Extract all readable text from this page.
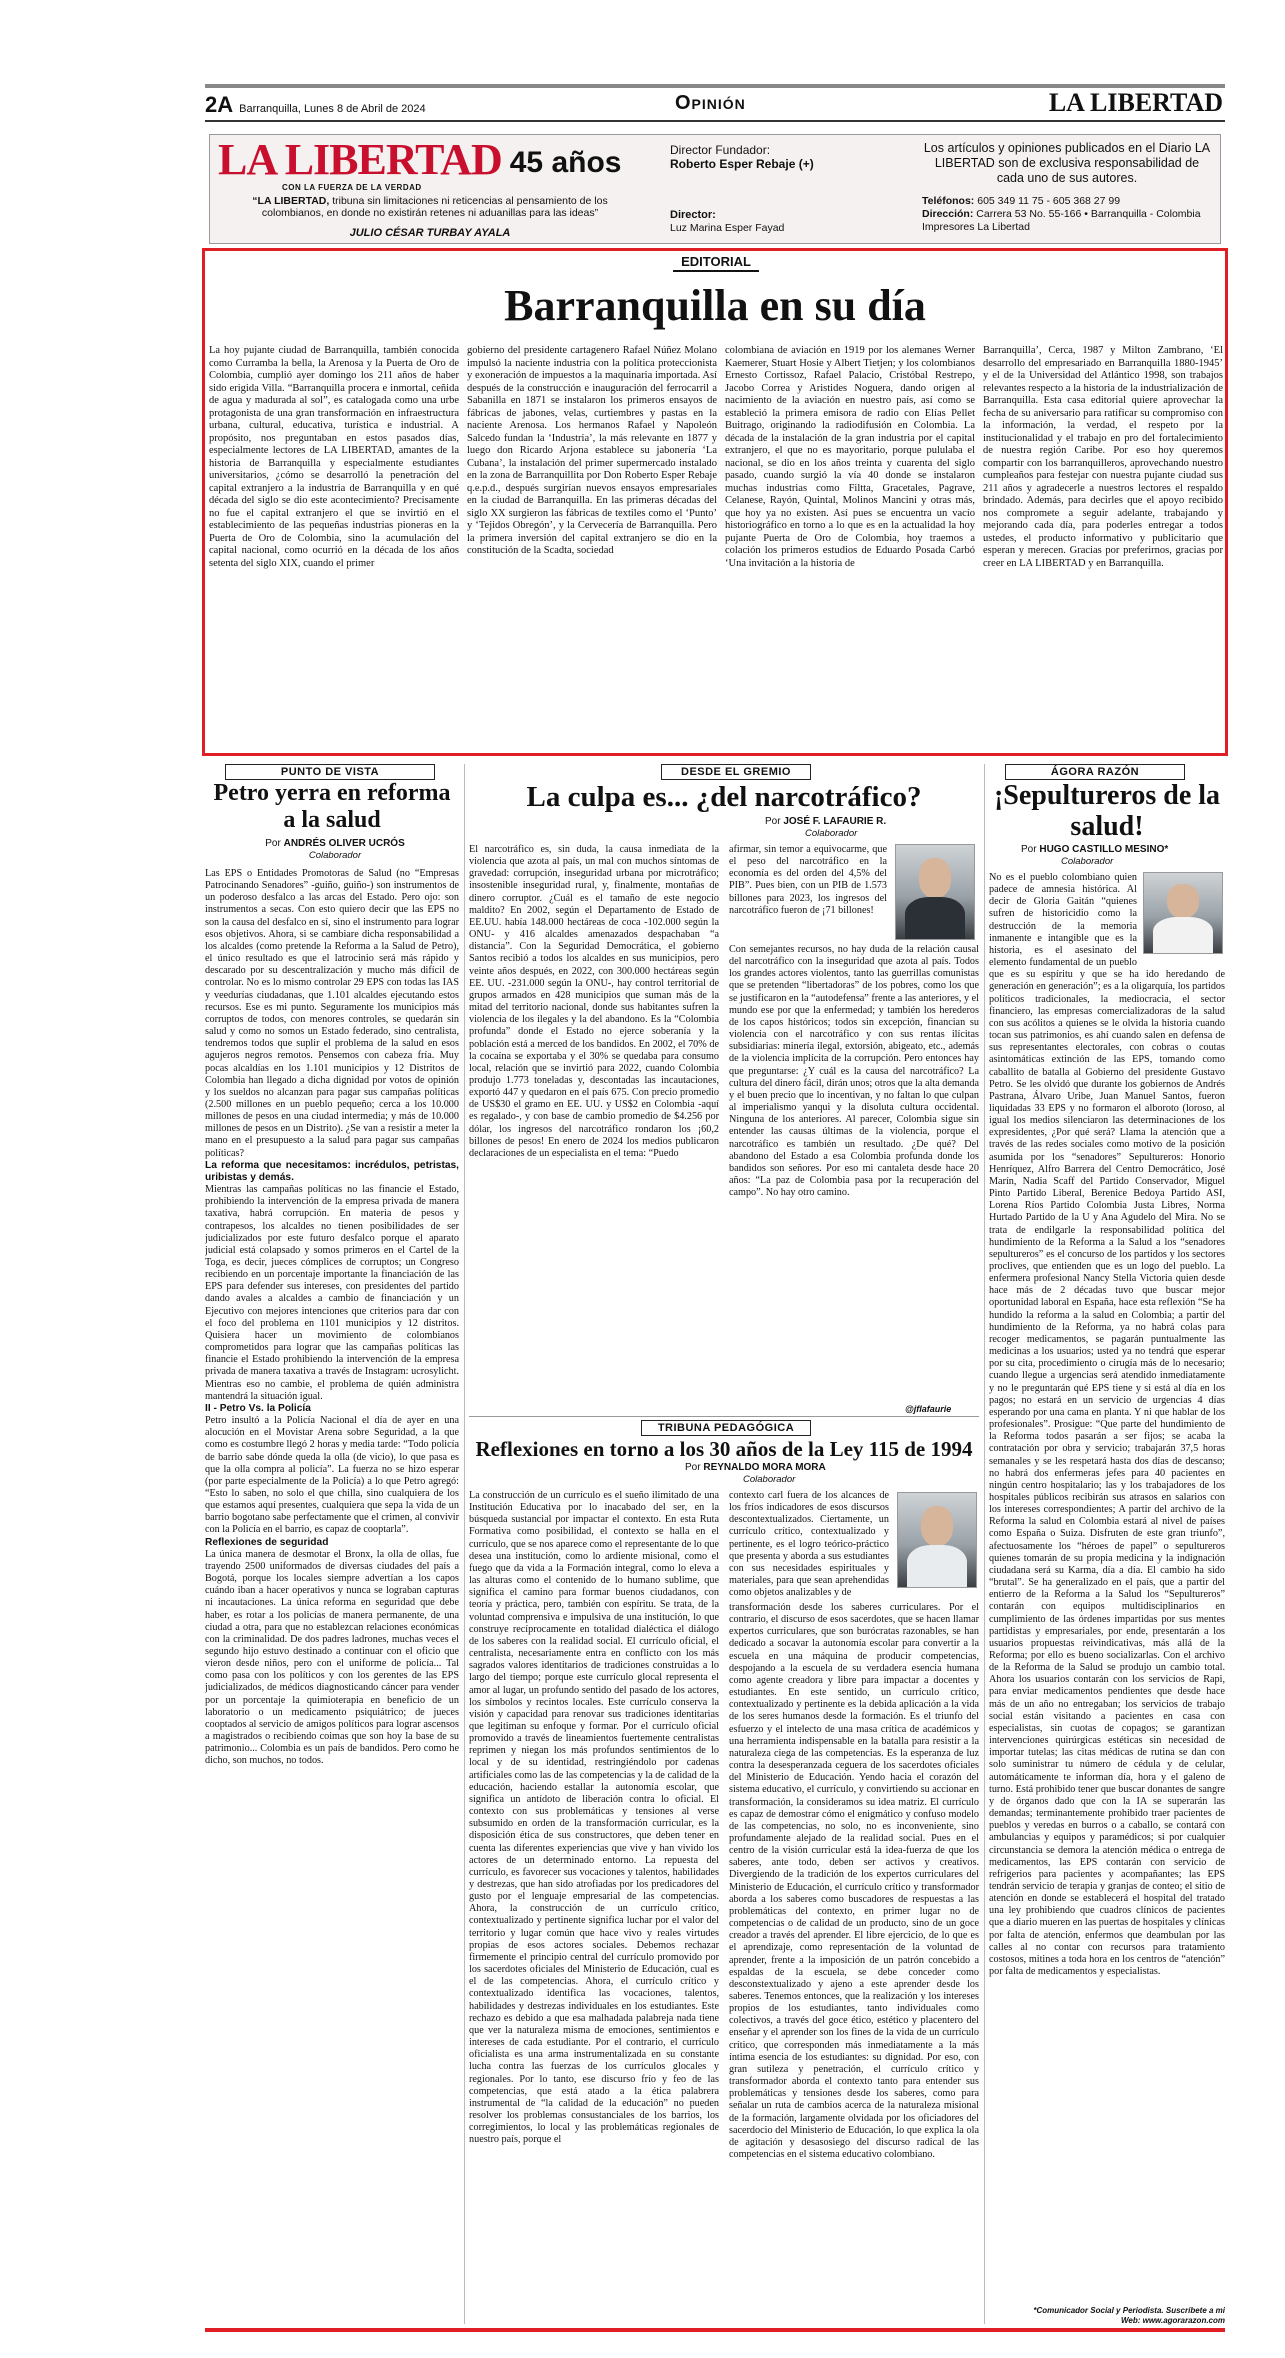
2A Barranquilla, Lunes 8 de Abril de 2024	Opinión	LA LIBERTAD
LA LIBERTAD 45 años
CON LA FUERZA DE LA VERDAD
“LA LIBERTAD, tribuna sin limitaciones ni reticencias al pensamiento de los colombianos, en donde no existirán retenes ni aduanillas para las ideas”
JULIO CÉSAR TURBAY AYALA
Director Fundador:
Roberto Esper Rebaje (+)
Director:
Luz Marina Esper Fayad
Los artículos y opiniones publicados en el Diario LA LIBERTAD son de exclusiva responsabilidad de cada uno de sus autores.
Teléfonos: 605 349 11 75 - 605 368 27 99
Dirección: Carrera 53 No. 55-166 • Barranquilla - Colombia
Impresores La Libertad
EDITORIAL
Barranquilla en su día
La hoy pujante ciudad de Barranquilla, también conocida como Curramba la bella, la Arenosa y la Puerta de Oro de Colombia, cumplió ayer domingo los 211 años de haber sido erigida Villa. “Barranquilla procera e inmortal, ceñida de agua y madurada al sol”, es catalogada como una urbe protagonista de una gran transformación en infraestructura urbana, cultural, educativa, turística e industrial. A propósito, nos preguntaban en estos pasados días, especialmente lectores de LA LIBERTAD, amantes de la historia de Barranquilla y especialmente estudiantes universitarios, ¿cómo se desarrolló la penetración del capital extranjero a la industria de Barranquilla y en qué década del siglo se dio este acontecimiento? Precisamente no fue el capital extranjero el que se invirtió en el establecimiento de las pequeñas industrias pioneras en la Puerta de Oro de Colombia, sino la acumulación del capital nacional, como ocurrió en la década de los años setenta del siglo XIX, cuando el primer
gobierno del presidente cartagenero Rafael Núñez Molano impulsó la naciente industria con la política proteccionista y exoneración de impuestos a la maquinaria importada. Así después de la construcción e inauguración del ferrocarril a Sabanilla en 1871 se instalaron los primeros ensayos de fábricas de jabones, velas, curtiembres y pastas en la naciente Arenosa. Los hermanos Rafael y Napoleón Salcedo fundan la ‘Industria’, la más relevante en 1877 y luego don Ricardo Arjona establece su jabonería ‘La Cubana’, la instalación del primer supermercado instalado en la zona de Barranquillita por Don Roberto Esper Rebaje q.e.p.d., después surgirían nuevos ensayos empresariales en la ciudad de Barranquilla. En las primeras décadas del siglo XX surgieron las fábricas de textiles como el ‘Punto’ y ‘Tejidos Obregón’, y la Cervecería de Barranquilla. Pero la primera inversión del capital extranjero se dio en la constitución de la Scadta, sociedad
colombiana de aviación en 1919 por los alemanes Werner Kaemerer, Stuart Hosie y Albert Tietjen; y los colombianos Ernesto Cortissoz, Rafael Palacio, Cristóbal Restrepo, Jacobo Correa y Aristides Noguera, dando origen al nacimiento de la aviación en nuestro país, así como se estableció la primera emisora de radio con Elías Pellet Buitrago, originando la radiodifusión en Colombia. La década de la instalación de la gran industria por el capital extranjero, el que no es mayoritario, porque pululaba el nacional, se dio en los años treinta y cuarenta del siglo pasado, cuando surgió la vía 40 donde se instalaron muchas industrias como Filtta, Gracetales, Pagrave, Celanese, Rayón, Quintal, Molinos Mancini y otras más, que hoy ya no existen. Así pues se encuentra un vacío historiográfico en torno a lo que es en la actualidad la hoy pujante Puerta de Oro de Colombia, hoy traemos a colación los primeros estudios de Eduardo Posada Carbó ‘Una invitación a la historia de
Barranquilla’, Cerca, 1987 y Milton Zambrano, ‘El desarrollo del empresariado en Barranquilla 1880-1945’ y el de la Universidad del Atlántico 1998, son trabajos relevantes respecto a la historia de la industrialización de Barranquilla. Esta casa editorial quiere aprovechar la fecha de su aniversario para ratificar su compromiso con la información, la verdad, el respeto por la institucionalidad y el trabajo en pro del fortalecimiento de nuestra región Caribe. Por eso hoy queremos compartir con los barranquilleros, aprovechando nuestro cumpleaños para festejar con nuestra pujante ciudad sus 211 años y agradecerle a nuestros lectores el respaldo brindado. Además, para decirles que el apoyo recibido nos compromete a seguir adelante, trabajando y mejorando cada día, para poderles entregar a todos ustedes, el producto informativo y publicitario que esperan y merecen. Gracias por preferirnos, gracias por creer en LA LIBERTAD y en Barranquilla.
PUNTO DE VISTA
Petro yerra en reforma a la salud
Por ANDRÉS OLIVER UCRÓS
Colaborador

Las EPS o Entidades Promotoras de Salud (no “Empresas Patrocinando Senadores” -guiño, guiño-) son instrumentos de un poderoso desfalco a las arcas del Estado. Pero ojo: son instrumentos a secas. Con esto quiero decir que las EPS no son la causa del desfalco en sí, sino el instrumento para lograr esos objetivos. Ahora, si se cambiare dicha responsabilidad a los alcaldes (como pretende la Reforma a la Salud de Petro), el único resultado es que el latrocinio será más rápido y descarado por su descentralización y mucho más difícil de controlar. No es lo mismo controlar 29 EPS con todas las IAS y veedurías ciudadanas, que 1.101 alcaldes ejecutando estos recursos. Ese es mi punto. Seguramente los municipios más corruptos de todos, con menores controles, se quedarán sin salud y como no somos un Estado federado, sino centralista, tendremos todos que suplir el problema de la salud en esos agujeros negros remotos. Pensemos con cabeza fría. Muy pocas alcaldías en los 1.101 municipios y 12 Distritos de Colombia han llegado a dicha dignidad por votos de opinión y los sueldos no alcanzan para pagar sus campañas políticas (2.500 millones en un pueblo pequeño; cerca a los 10.000 millones de pesos en una ciudad intermedia; y más de 10.000 millones de pesos en un Distrito). ¿Se van a resistir a meter la mano en el presupuesto a la salud para pagar sus campañas políticas?

La reforma que necesitamos: incrédulos, petristas, uribistas y demás.

Mientras las campañas políticas no las financie el Estado, prohibiendo la intervención de la empresa privada de manera taxativa, habrá corrupción. En materia de pesos y contrapesos, los alcaldes no tienen posibilidades de ser judicializados por este futuro desfalco porque el aparato judicial está colapsado y somos primeros en el Cartel de la Toga, es decir, jueces cómplices de corruptos; un Congreso recibiendo en un porcentaje importante la financiación de las EPS para defender sus intereses, con presidentes del partido dando avales a alcaldes a cambio de financiación y un Ejecutivo con mejores intenciones que criterios para dar con el foco del problema en 1101 municipios y 12 distritos. Quisiera hacer un movimiento de colombianos comprometidos para lograr que las campañas políticas las financie el Estado prohibiendo la intervención de la empresa privada de manera taxativa a través de Instagram: ucrosylicht. Mientras eso no cambie, el problema de quién administra mantendrá la situación igual.

II - Petro Vs. la Policía

Petro insultó a la Policía Nacional el día de ayer en una alocución en el Movistar Arena sobre Seguridad, a la que como es costumbre llegó 2 horas y media tarde: “Todo policía de barrio sabe dónde queda la olla (de vicio), lo que pasa es que la olla compra al policía”. La fuerza no se hizo esperar (por parte especialmente de la Policía) a lo que Petro agregó: “Esto lo saben, no solo el que chilla, sino cualquiera de los que estamos aquí presentes, cualquiera que sepa la vida de un barrio bogotano sabe perfectamente que el crimen, al convivir con la Policía en el barrio, es capaz de cooptarla”.

Reflexiones de seguridad

La única manera de desmotar el Bronx, la olla de ollas, fue trayendo 2500 uniformados de diversas ciudades del país a Bogotá, porque los locales siempre advertían a los capos cuándo iban a hacer operativos y nunca se lograban capturas ni incautaciones. La única reforma en seguridad que debe haber, es rotar a los policías de manera permanente, de una ciudad a otra, para que no establezcan relaciones económicas con la criminalidad. De dos padres ladrones, muchas veces el segundo hijo estuvo destinado a continuar con el oficio que vieron desde niños, pero con el uniforme de policía... Tal como pasa con los políticos y con los gerentes de las EPS judicializados, de médicos diagnosticando cáncer para vender por un porcentaje la quimioterapia en beneficio de un laboratorio o un medicamento psiquiátrico; de jueces cooptados al servicio de amigos políticos para lograr ascensos a magistrados o recibiendo coimas que son hoy la base de su patrimonio... Colombia es un país de bandidos. Pero como he dicho, son muchos, no todos.

DESDE EL GREMIO
La culpa es... ¿del narcotráfico?
Por JOSÉ F. LAFAURIE R.
Colaborador
El narcotráfico es, sin duda, la causa inmediata de la violencia que azota al país, un mal con muchos síntomas de gravedad: corrupción, inseguridad urbana por microtráfico; insostenible inseguridad rural, y, finalmente, montañas de dinero corruptor. ¿Cuál es el tamaño de este negocio maldito? En 2002, según el Departamento de Estado de EE.UU. había 148.000 hectáreas de coca -102.000 según la ONU- y 416 alcaldes amenazados despachaban “a distancia”. Con la Seguridad Democrática, el gobierno Santos recibió a todos los alcaldes en sus municipios, pero veinte años después, en 2022, con 300.000 hectáreas según EE. UU. -231.000 según la ONU-, hay control territorial de grupos armados en 428 municipios que suman más de la mitad del territorio nacional, donde sus habitantes sufren la violencia de los ilegales y la del abandono. Es la “Colombia profunda” donde el Estado no ejerce soberanía y la población está a merced de los bandidos. En 2002, el 70% de la cocaína se exportaba y el 30% se quedaba para consumo local, relación que se invirtió para 2022, cuando Colombia produjo 1.773 toneladas y, descontadas las incautaciones, exportó 447 y quedaron en el país 675. Con precio promedio de US$30 el gramo en EE. UU. y US$2 en Colombia -aquí es regalado-, y con base de cambio promedio de $4.256 por dólar, los ingresos del narcotráfico rondaron los ¡60,2 billones de pesos! En enero de 2024 los medios publicaron declaraciones de un especialista en el tema: “Puedo
afirmar, sin temor a equivocarme, que el peso del narcotráfico en la economía es del orden del 4,5% del PIB”. Pues bien, con un PIB de 1.573 billones para 2023, los ingresos del narcotráfico fueron de ¡71 billones!
Con semejantes recursos, no hay duda de la relación causal del narcotráfico con la inseguridad que azota al país. Todos los grandes actores violentos, tanto las guerrillas comunistas que se pretenden “libertadoras” de los pobres, como los que se justificaron en la “autodefensa” frente a las anteriores, y el mundo ese por que la enfermedad; y también los herederos de los capos históricos; todos sin excepción, financian su violencia con el narcotráfico y con sus rentas ilícitas subsidiarias: minería ilegal, extorsión, abigeato, etc., además de la violencia implícita de la corrupción. Pero entonces hay que preguntarse: ¿Y cuál es la causa del narcotráfico? La cultura del dinero fácil, dirán unos; otros que la alta demanda y el buen precio que lo incentivan, y no faltan lo que culpan al imperialismo yanqui y la disoluta cultura occidental. Ninguna de los anteriores. Al parecer, Colombia sigue sin entender las causas últimas de la violencia, porque el narcotráfico es también un resultado. ¿De qué? Del abandono del Estado a esa Colombia profunda donde los bandidos son señores. Por eso mi cantaleta desde hace 20 años: “La paz de Colombia pasa por la recuperación del campo”. No hay otro camino.
@jflafaurie
TRIBUNA PEDAGÓGICA
Reflexiones en torno a los 30 años de la Ley 115 de 1994
Por REYNALDO MORA MORA
Colaborador
La construcción de un currículo es el sueño ilimitado de una Institución Educativa por lo inacabado del ser, en la búsqueda sustancial por impactar el contexto. En esta Ruta Formativa como posibilidad, el contexto se halla en el currículo, que se nos aparece como el representante de lo que desea una institución, como lo ardiente misional, como el fuego que da vida a la Formación integral, como lo eleva a las alturas como el contenido de lo humano sublime, que significa el camino para formar buenos ciudadanos, con teoría y práctica, pero, también con espíritu. Se trata, de la voluntad comprensiva e impulsiva de una institución, lo que construye recíprocamente en totalidad dialéctica el diálogo de los saberes con la realidad social. El currículo oficial, el centralista, necesariamente entra en conflicto con los más sagrados valores identitarios de tradiciones construidas a lo largo del tiempo; porque este currículo glocal representa el amor al lugar, un profundo sentido del pasado de los actores, los símbolos y recintos locales. Este currículo conserva la visión y capacidad para renovar sus tradiciones identitarias que legitiman su enfoque y formar. Por el currículo oficial promovido a través de lineamientos fuertemente centralistas reprimen y niegan los más profundos sentimientos de lo local y de su identidad, restringiéndolo por cadenas artificiales como las de las competencias y la de calidad de la educación, haciendo estallar la autonomía escolar, que significa un antídoto de liberación contra lo oficial. El contexto con sus problemáticas y tensiones al verse subsumido en orden de la transformación curricular, es la disposición ética de sus constructores, que deben tener en cuenta las diferentes experiencias que vive y han vivido los actores de un determinado entorno. La repuesta del currículo, es favorecer sus vocaciones y talentos, habilidades y destrezas, que han sido atrofiadas por los predicadores del gusto por el lenguaje empresarial de las competencias. Ahora, la construcción de un currículo crítico, contextualizado y pertinente significa luchar por el valor del territorio y lugar común que hace vivo y reales virtudes propias de esos actores sociales. Debemos rechazar firmemente el principio central del currículo promovido por los sacerdotes oficiales del Ministerio de Educación, cual es el de las competencias. Ahora, el currículo crítico y contextualizado identifica las vocaciones, talentos, habilidades y destrezas individuales en los estudiantes. Este rechazo es debido a que esa malhadada palabreja nada tiene que ver la naturaleza misma de emociones, sentimientos e intereses de cada estudiante. Por el contrario, el currículo oficialista es una arma instrumentalizada en su constante lucha contra las fuerzas de los currículos glocales y regionales. Por lo tanto, ese discurso frío y feo de las competencias, que está atado a la ética palabrera instrumental de “la calidad de la educación” no pueden resolver los problemas consustanciales de los barrios, los corregimientos, lo local y las problemáticas regionales de nuestro país, porque el
contexto carl fuera de los alcances de los fríos indicadores de esos discursos descontextualizados. Ciertamente, un currículo crítico, contextualizado y pertinente, es el logro teórico-práctico que presenta y aborda a sus estudiantes con sus necesidades espirituales y materiales, para que sean aprehendidas como objetos analizables y de
transformación desde los saberes curriculares. Por el contrario, el discurso de esos sacerdotes, que se hacen llamar expertos curriculares, que son burócratas razonables, se han dedicado a socavar la autonomía escolar para convertir a la escuela en una máquina de producir competencias, despojando a la escuela de su verdadera esencia humana como agente creadora y libre para impactar a docentes y estudiantes. En este sentido, un currículo crítico, contextualizado y pertinente es la debida aplicación a la vida de los seres humanos desde la formación. Es el triunfo del esfuerzo y el intelecto de una masa crítica de académicos y una herramienta indispensable en la batalla para resistir a la naturaleza ciega de las competencias. Es la esperanza de luz contra la desesperanzada ceguera de los sacerdotes oficiales del Ministerio de Educación. Yendo hacia el corazón del sistema educativo, el currículo, y convirtiendo su accionar en transformación, la consideramos su idea matriz. El currículo es capaz de demostrar cómo el enigmático y confuso modelo de las competencias, no solo, no es inconveniente, sino profundamente alejado de la realidad social. Pues en el centro de la visión curricular está la idea-fuerza de que los saberes, ante todo, deben ser activos y creativos. Divergiendo de la tradición de los expertos curriculares del Ministerio de Educación, el currículo crítico y transformador aborda a los saberes como buscadores de respuestas a las problemáticas del contexto, en primer lugar no de competencias o de calidad de un producto, sino de un goce creador a través del aprender. El libre ejercicio, de lo que es el aprendizaje, como representación de la voluntad de aprender, frente a la imposición de un patrón concebido a espaldas de la escuela, se debe conceder como desconstextualizado y ajeno a este aprender desde los saberes. Tenemos entonces, que la realización y los intereses propios de los estudiantes, tanto individuales como colectivos, a través del goce ético, estético y placentero del enseñar y el aprender son los fines de la vida de un currículo crítico, que corresponden más inmediatamente a la más íntima esencia de los estudiantes: su dignidad. Por eso, con gran sutileza y penetración, el currículo crítico y transformador aborda el contexto tanto para entender sus problemáticas y tensiones desde los saberes, como para señalar un ruta de cambios acerca de la naturaleza misional de la formación, largamente olvidada por los oficiadores del sacerdocio del Ministerio de Educación, lo que explica la ola de agitación y desasosiego del discurso radical de las competencias en el sistema educativo colombiano.
ÁGORA RAZÓN
¡Sepultureros de la salud!
Por HUGO CASTILLO MESINO*
Colaborador
No es el pueblo colombiano quien padece de amnesia histórica. Al decir de Gloria Gaitán “quienes sufren de historicidio como la destrucción de la memoria inmanente e intangible que es la historia, es el asesinato del elemento fundamental de un pueblo que es su espíritu y que se ha ido heredando de generación en generación”; es a la oligarquía, los partidos políticos tradicionales, la mediocracia, el sector financiero, las empresas comercializadoras de la salud con sus acólitos a quienes se le olvida la historia cuando tocan sus patrimonios, es ahí cuando salen en defensa de sus representantes electorales, con cobras o coutas asintomáticas extinción de las EPS, tomando como caballito de batalla al Gobierno del presidente Gustavo Petro. Se les olvidó que durante los gobiernos de Andrés Pastrana, Álvaro Uribe, Juan Manuel Santos, fueron liquidadas 33 EPS y no formaron el alboroto (loroso, al igual los medios silenciaron las determinaciones de los expresidentes, ¿Por qué será? Llama la atención que a través de las redes sociales como motivo de la posición asumida por los “senadores” Sepultureros: Honorio Henríquez, Alfro Barrera del Centro Democrático, José Marín, Nadia Scaff del Partido Conservador, Miguel Pinto Partido Liberal, Berenice Bedoya Partido ASI, Lorena Ríos Partido Colombia Justa Libres, Norma Hurtado Partido de la U y Ana Agudelo del Mira. No se trata de endilgarle la responsabilidad política del hundimiento de la Reforma a la Salud a los “senadores sepultureros” es el concurso de los partidos y los sectores proclives, que entienden que es un logo del pueblo. La enfermera profesional Nancy Stella Victoria quien desde hace más de 2 décadas tuvo que buscar mejor oportunidad laboral en España, hace esta reflexión “Se ha hundido la reforma a la salud en Colombia; a partir del hundimiento de la Reforma, ya no habrá colas para recoger medicamentos, se pagarán puntualmente las medicinas a los usuarios; usted ya no tendrá que esperar por su cita, procedimiento o cirugía más de lo necesario; cuando llegue a urgencias será atendido inmediatamente y no le preguntarán qué EPS tiene y si está al día en los pagos; no estará en un servicio de urgencias 4 días esperando por una cama en planta. Y ni que hablar de los profesionales”. Prosigue: “Que parte del hundimiento de la Reforma todos pasarán a ser fijos; se acaba la contratación por obra y servicio; trabajarán 37,5 horas semanales y se les respetará hasta dos días de descanso; no habrá dos enfermeras jefes para 40 pacientes en ningún centro hospitalario; las y los trabajadores de los hospitales públicos recibirán sus atrasos en salarios con los intereses correspondientes; A partir del archivo de la Reforma la salud en Colombia estará al nivel de países como España o Suiza. Disfruten de este gran triunfo”, afectuosamente los “héroes de papel” o sepultureros quienes tomarán de su propia medicina y la indignación ciudadana será su Karma, día a día. El cambio ha sido “brutal”. Se ha generalizado en el país, que a partir del entierro de la Reforma a la Salud los “Sepultureros” contarán con equipos multidisciplinarios en cumplimiento de las órdenes impartidas por sus mentes partidistas y empresariales, por ende, presentarán a los usuarios propuestas reivindicativas, más allá de la Reforma; por ello es bueno socializarlas. Con el archivo de la Reforma de la Salud se produjo un cambio total. Ahora los usuarios contarán con los servicios de Rapi, para enviar medicamentos pendientes que desde hace más de un año no entregaban; los servicios de trabajo social están visitando a pacientes en casa con especialistas, sin cuotas de copagos; se garantizan intervenciones quirúrgicas estéticas sin necesidad de importar tutelas; las citas médicas de rutina se dan con solo suministrar tu número de cédula y de celular, automáticamente te informan día, hora y el galeno de turno. Está prohibido tener que buscar donantes de sangre y de órganos dado que con la IA se superarán las demandas; terminantemente prohibido traer pacientes de pueblos y veredas en burros o a caballo, se contará con ambulancias y equipos y paramédicos; si por cualquier circunstancia se demora la atención médica o entrega de medicamentos, las EPS contarán con servicio de refrigerios para pacientes y acompañantes; las EPS tendrán servicio de terapia y granjas de conteo; el sitio de atención en donde se establecerá el hospital del tratado una ley prohibiendo que cuadros clínicos de pacientes que a diario mueren en las puertas de hospitales y clínicas por falta de atención, enfermos que deambulan por las calles al no contar con recursos para tratamiento costosos, mitines a toda hora en los centros de “atención” por falta de medicamentos y especialistas.
*Comunicador Social y Periodista. Suscríbete a mi Web: www.agorarazon.com
